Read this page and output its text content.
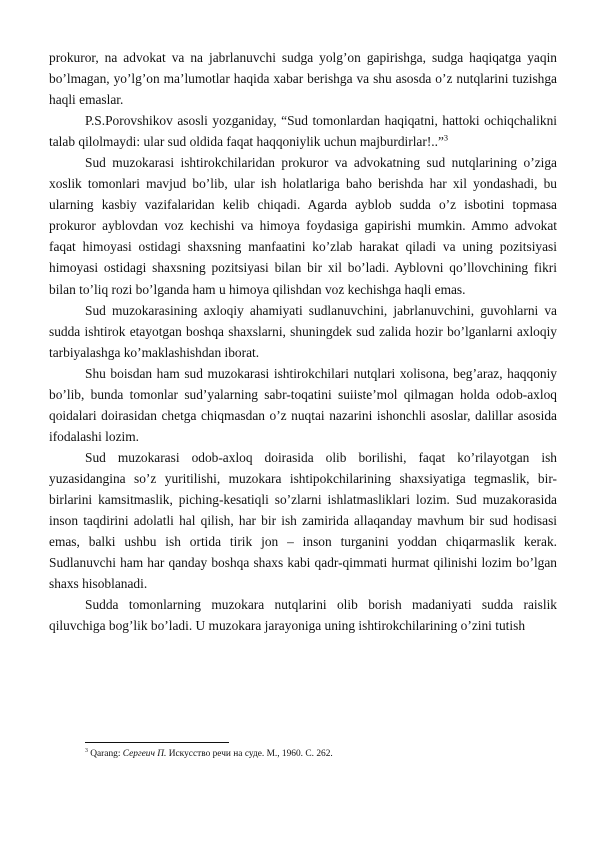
prokuror, na advokat va na jabrlanuvchi sudga yolg’on gapirishga, sudga haqiqatga yaqin bo’lmagan, yo’lg’on ma’lumotlar haqida xabar berishga va shu asosda o’z nutqlarini tuzishga haqli emaslar.

P.S.Porovshikov asosli yozganiday, “Sud tomonlardan haqiqatni, hattoki ochiqchalikni talab qilolmaydi: ular sud oldida faqat haqqoniylik uchun majburdirlar!..”$^3$

Sud muzokarasi ishtirokchilaridan prokuror va advokatning sud nutqlarining o’ziga xoslik tomonlari mavjud bo’lib, ular ish holatlariga baho berishda har xil yondashadi, bu ularning kasbiy vazifalaridan kelib chiqadi. Agarda ayblob sudda o’z isbotini topmasa prokuror ayblovdan voz kechishi va himoya foydasiga gapirishi mumkin. Ammo advokat faqat himoyasi ostidagi shaxsning manfaatini ko’zlab harakat qiladi va uning pozitsiyasi himoyasi ostidagi shaxsning pozitsiyasi bilan bir xil bo’ladi. Ayblovni qo’llovchining fikri bilan to’liq rozi bo’lganda ham u himoya qilishdan voz kechishga haqli emas.

Sud muzokarasining axloqiy ahamiyati sudlanuvchini, jabrlanuvchini, guvohlarni va sudda ishtirok etayotgan boshqa shaxslarni, shuningdek sud zalida hozir bo’lganlarni axloqiy tarbiyalashga ko’maklashishdan iborat.

Shu boisdan ham sud muzokarasi ishtirokchilari nutqlari xolisona, beg’araz, haqqoniy bo’lib, bunda tomonlar sud’yalarning sabr-toqatini suiiste’mol qilmagan holda odob-axloq qoidalari doirasidan chetga chiqmasdan o’z nuqtai nazarini ishonchli asoslar, dalillar asosida ifodalashi lozim.

Sud muzokarasi odob-axloq doirasida olib borilishi, faqat ko’rilayotgan ish yuzasidangina so’z yuritilishi, muzokara ishtipokchilarining shaxsiyatiga tegmaslik, bir-birlarini kamsitmaslik, piching-kesatiqli so’zlarni ishlatmasliklari lozim. Sud muzakorasida inson taqdirini adolatli hal qilish, har bir ish zamirida allaqanday mavhum bir sud hodisasi emas, balki ushbu ish ortida tirik jon – inson turganini yoddan chiqarmaslik kerak. Sudlanuvchi ham har qanday boshqa shaxs kabi qadr-qimmati hurmat qilinishi lozim bo’lgan shaxs hisoblanadi.

Sudda tomonlarning muzokara nutqlarini olib borish madaniyati sudda raislik qiluvchiga bog’lik bo’ladi. U muzokara jarayoniga uning ishtirokchilarining o’zini tutish

$^3$ Qarang: Сергеич П. Искусство речи на суде. М., 1960. С. 262.
